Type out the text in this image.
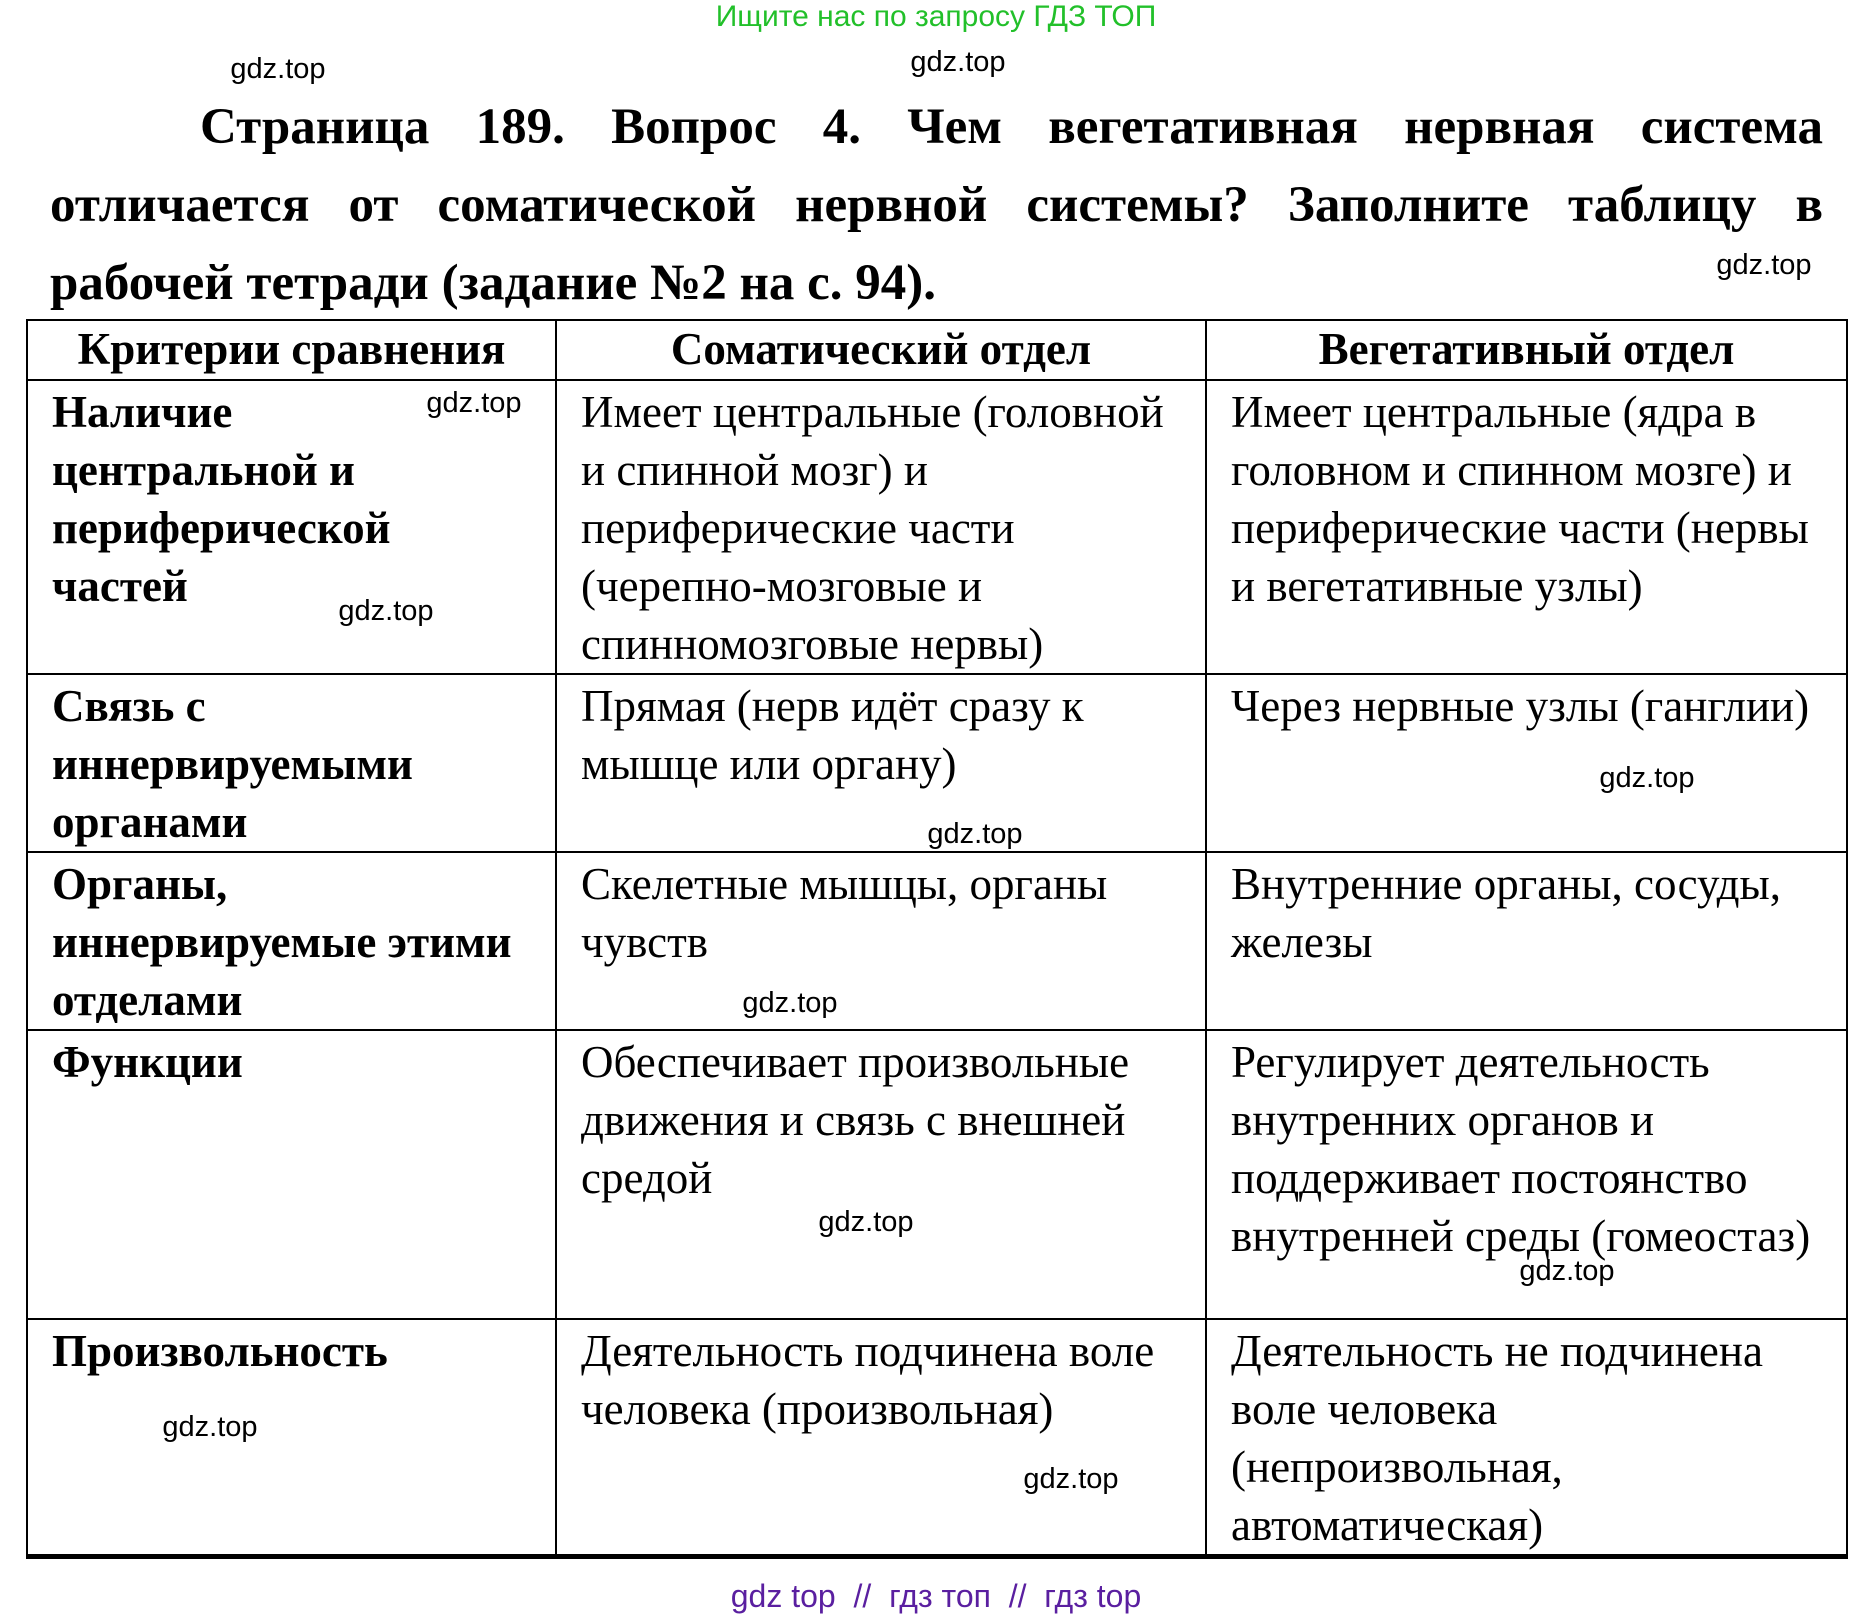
Ищите нас по запросу ГДЗ ТОП
Страница 189. Вопрос 4. Чем вегетативная нервная система отличается от соматической нервной системы? Заполните таблицу в рабочей тетради (задание №2 на с. 94).
Критерии сравнения	Соматический отдел	Вегетативный отдел
Наличие центральной и периферической частей	Имеет центральные (головной и спинной мозг) и периферические части (черепно-мозговые и спинномозговые нервы)	Имеет центральные (ядра в головном и спинном мозге) и периферические части (нервы и вегетативные узлы)
Связь с иннервируемыми органами	Прямая (нерв идёт сразу к мышце или органу)	Через нервные узлы (ганглии)
Органы, иннервируемые этими отделами	Скелетные мышцы, органы чувств	Внутренние органы, сосуды, железы
Функции	Обеспечивает произвольные движения и связь с внешней средой	Регулирует деятельность внутренних органов и поддерживает постоянство внутренней среды (гомеостаз)
Произвольность	Деятельность подчинена воле человека (произвольная)	Деятельность не подчинена воле человека (непроизвольная, автоматическая)
gdz.top	gdz.top
gdz.top
gdz.top
gdz.top
gdz.top
gdz.top
gdz.top
gdz.top
gdz.top
gdz.top
gdz.top
gdz top  //  гдз топ  //  гдз top
